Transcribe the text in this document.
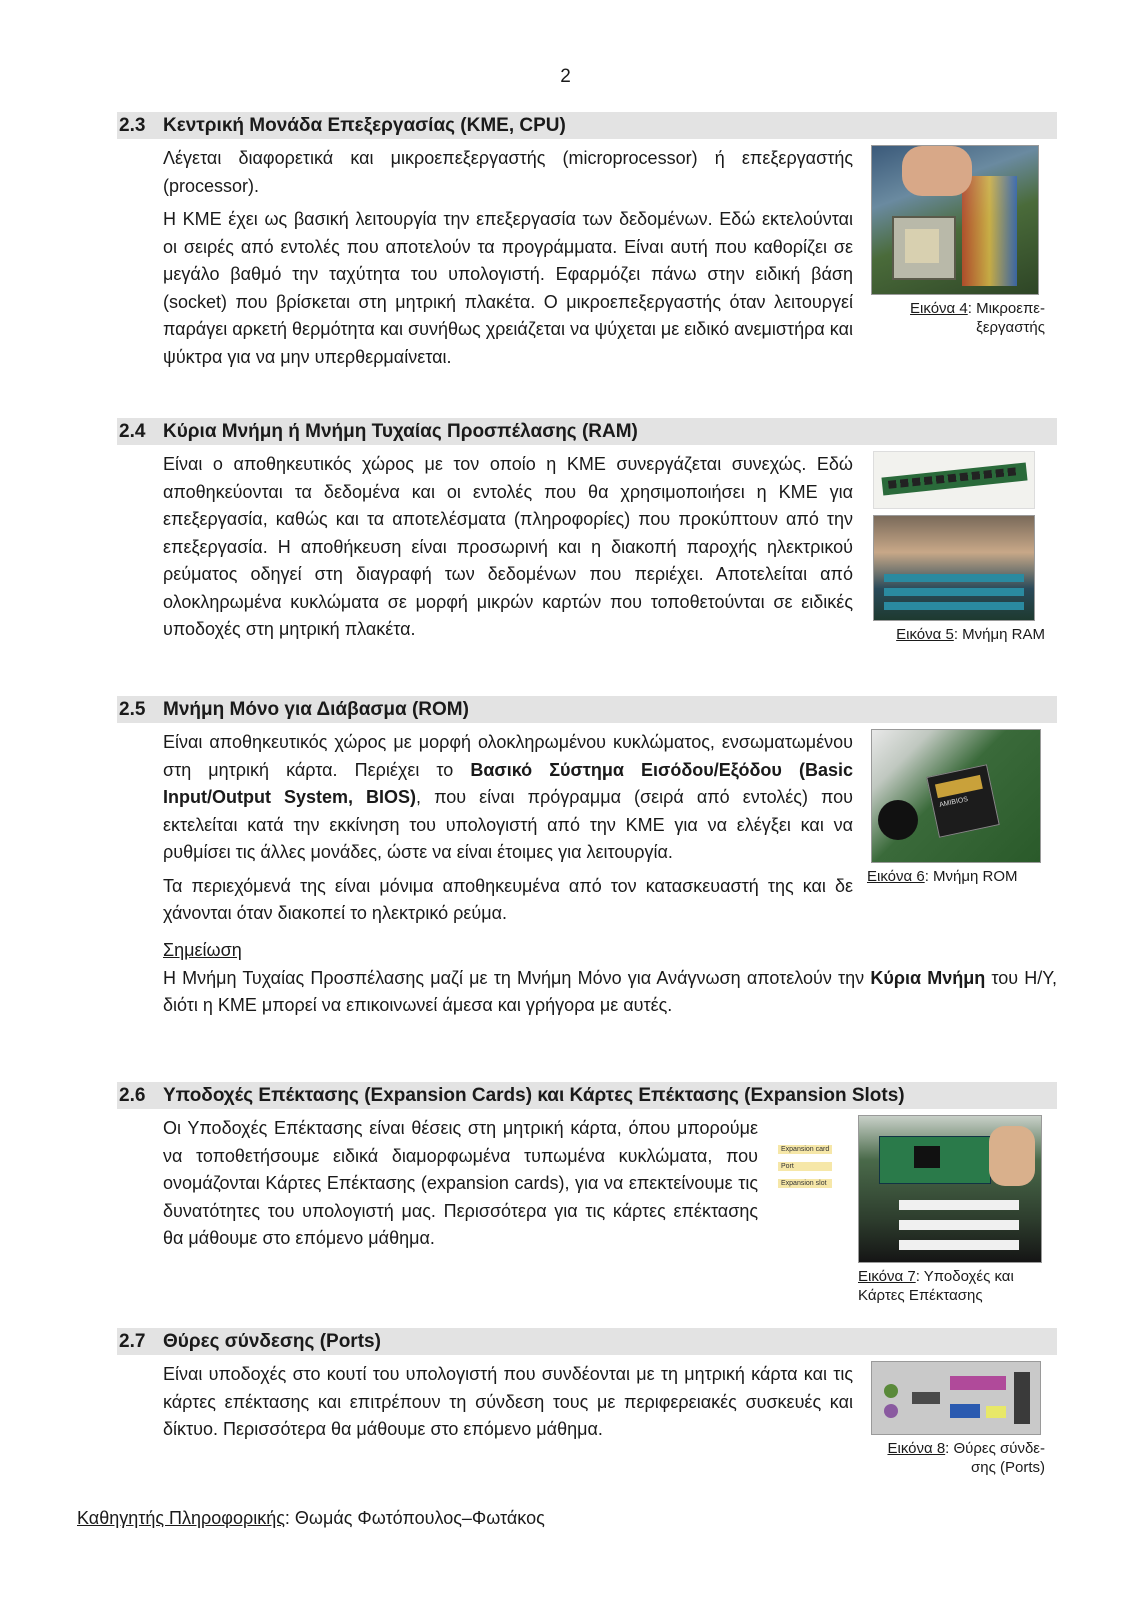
2
2.3 Κεντρική Μονάδα Επεξεργασίας (ΚΜΕ, CPU)

Λέγεται διαφορετικά και μικροεπεξεργαστής (microprocessor) ή επεξεργαστής (processor).

Η ΚΜΕ έχει ως βασική λειτουργία την επεξεργασία των δεδομένων. Εδώ εκτελούνται οι σειρές από εντολές που αποτελούν τα προγράμματα. Είναι αυτή που καθορίζει σε μεγάλο βαθμό την ταχύτητα του υπολογιστή. Εφαρμόζει πάνω στην ειδική βάση (socket) που βρίσκεται στη μητρική πλακέτα. Ο μικροεπεξεργαστής όταν λειτουργεί παράγει αρκετή θερμότητα και συνήθως χρειάζεται να ψύχεται με ειδικό ανεμιστήρα και ψύκτρα για να μην υπερθερμαίνεται.

Εικόνα 4: Μικροεπε-ξεργαστής
2.4 Κύρια Μνήμη ή Μνήμη Τυχαίας Προσπέλασης (RAM)

Είναι ο αποθηκευτικός χώρος με τον οποίο η ΚΜΕ συνεργάζεται συνεχώς. Εδώ αποθηκεύονται τα δεδομένα και οι εντολές που θα χρησιμοποιήσει η ΚΜΕ για επεξεργασία, καθώς και τα αποτελέσματα (πληροφορίες) που προκύπτουν από την επεξεργασία. Η αποθήκευση είναι προσωρινή και η διακοπή παροχής ηλεκτρικού ρεύματος οδηγεί στη διαγραφή των δεδομένων που περιέχει. Αποτελείται από ολοκληρωμένα κυκλώματα σε μορφή μικρών καρτών που τοποθετούνται σε ειδικές υποδοχές στη μητρική πλακέτα.	Εικόνα 5: Μνήμη RAM
2.5 Μνήμη Μόνο για Διάβασμα (ROM)

Είναι αποθηκευτικός χώρος με μορφή ολοκληρωμένου κυκλώματος, ενσωματωμένου στη μητρική κάρτα. Περιέχει το Βασικό Σύστημα Εισόδου/Εξόδου (Basic Input/Output System, BIOS), που είναι πρόγραμμα (σειρά από εντολές) που εκτελείται κατά την εκκίνηση του υπολογιστή από την ΚΜΕ για να ελέγξει και να ρυθμίσει τις άλλες μονάδες, ώστε να είναι έτοιμες για λειτουργία.

Τα περιεχόμενά της είναι μόνιμα αποθηκευμένα από τον κατασκευαστή της και δε χάνονται όταν διακοπεί το ηλεκτρικό ρεύμα.

AMIBIOS
Εικόνα 6: Μνήμη ROM
Σημείωση
Η Μνήμη Τυχαίας Προσπέλασης μαζί με τη Μνήμη Μόνο για Ανάγνωση αποτελούν την Κύρια Μνήμη του Η/Υ, διότι η ΚΜΕ μπορεί να επικοινωνεί άμεσα και γρήγορα με αυτές.
2.6 Υποδοχές Επέκτασης (Expansion Cards) και Κάρτες Επέκτασης (Expansion Slots)

Οι Υποδοχές Επέκτασης είναι θέσεις στη μητρική κάρτα, όπου μπορούμε να τοποθετήσουμε ειδικά διαμορφωμένα τυπωμένα κυκλώματα, που ονομάζονται Κάρτες Επέκτασης (expansion cards), για να επεκτείνουμε τις δυνατότητες του υπολογιστή μας. Περισσότερα για τις κάρτες επέκτασης θα μάθουμε στο επόμενο μάθημα.

Expansion card
Port
Expansion slot
Εικόνα 7: Υποδοχές και Κάρτες Επέκτασης
2.7 Θύρες σύνδεσης (Ports)

Είναι υποδοχές στο κουτί του υπολογιστή που συνδέονται με τη μητρική κάρτα και τις κάρτες επέκτασης και επιτρέπουν τη σύνδεση τους με περιφερειακές συσκευές και δίκτυο. Περισσότερα θα μάθουμε στο επόμενο μάθημα.

Εικόνα 8: Θύρες σύνδε-σης (Ports)
Καθηγητής Πληροφορικής: Θωμάς Φωτόπουλος–Φωτάκος
